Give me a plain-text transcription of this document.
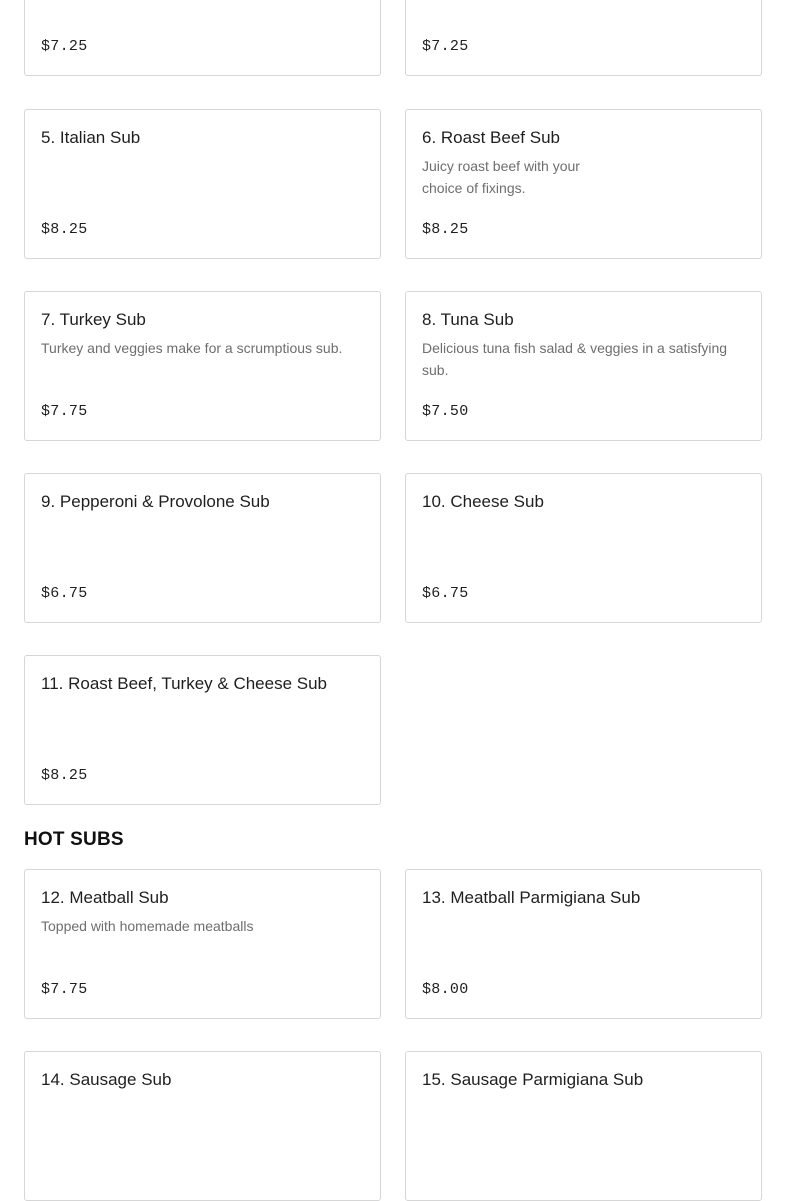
$7.25	$7.25
5. Italian Sub
$8.25
6. Roast Beef Sub
Juicy roast beef with your choice of fixings.
$8.25
7. Turkey Sub
Turkey and veggies make for a scrumptious sub.
$7.75
8. Tuna Sub
Delicious tuna fish salad & veggies in a satisfying sub.
$7.50
9. Pepperoni & Provolone Sub
$6.75
10. Cheese Sub
$6.75
11. Roast Beef, Turkey & Cheese Sub
$8.25
HOT SUBS
12. Meatball Sub
Topped with homemade meatballs
$7.75
13. Meatball Parmigiana Sub
$8.00
14. Sausage Sub	15. Sausage Parmigiana Sub
